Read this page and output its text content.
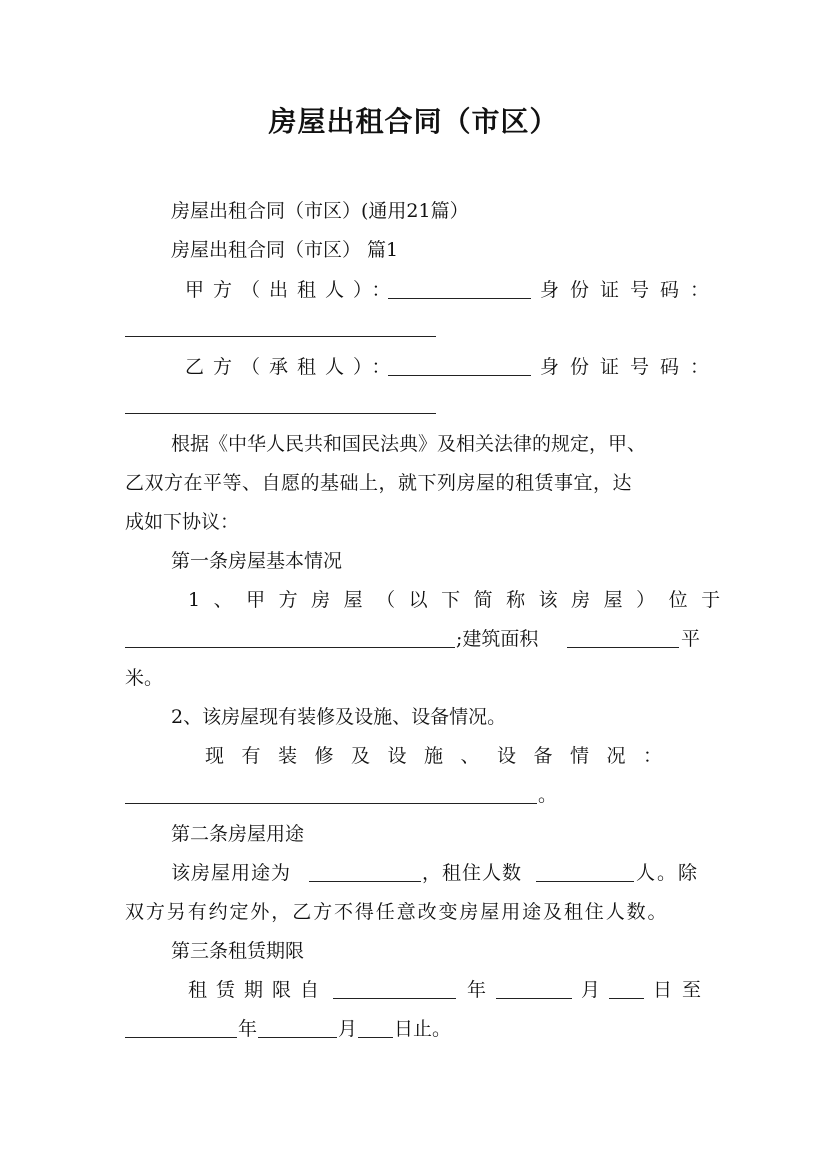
房屋出租合同（市区）
房屋出租合同（市区）(通用21篇）
房屋出租合同（市区） 篇1
甲方（出租人）：	身份证号码：
乙方（承租人）：	身份证号码：
根据《中华人民共和国民法典》及相关法律的规定，甲、
乙双方在平等、自愿的基础上，就下列房屋的租赁事宜，达
成如下协议：
第一条房屋基本情况
1、甲方房屋（以下简称该房屋）位于
;建筑面积	平
米。
2、该房屋现有装修及设施、设备情况。
现有装修及设施、设备情况：
。
第二条房屋用途
该房屋用途为	，租住人数	人。除
双方另有约定外，乙方不得任意改变房屋用途及租住人数。
第三条租赁期限
租赁期限自	年	月	日至
年	月 日止。
